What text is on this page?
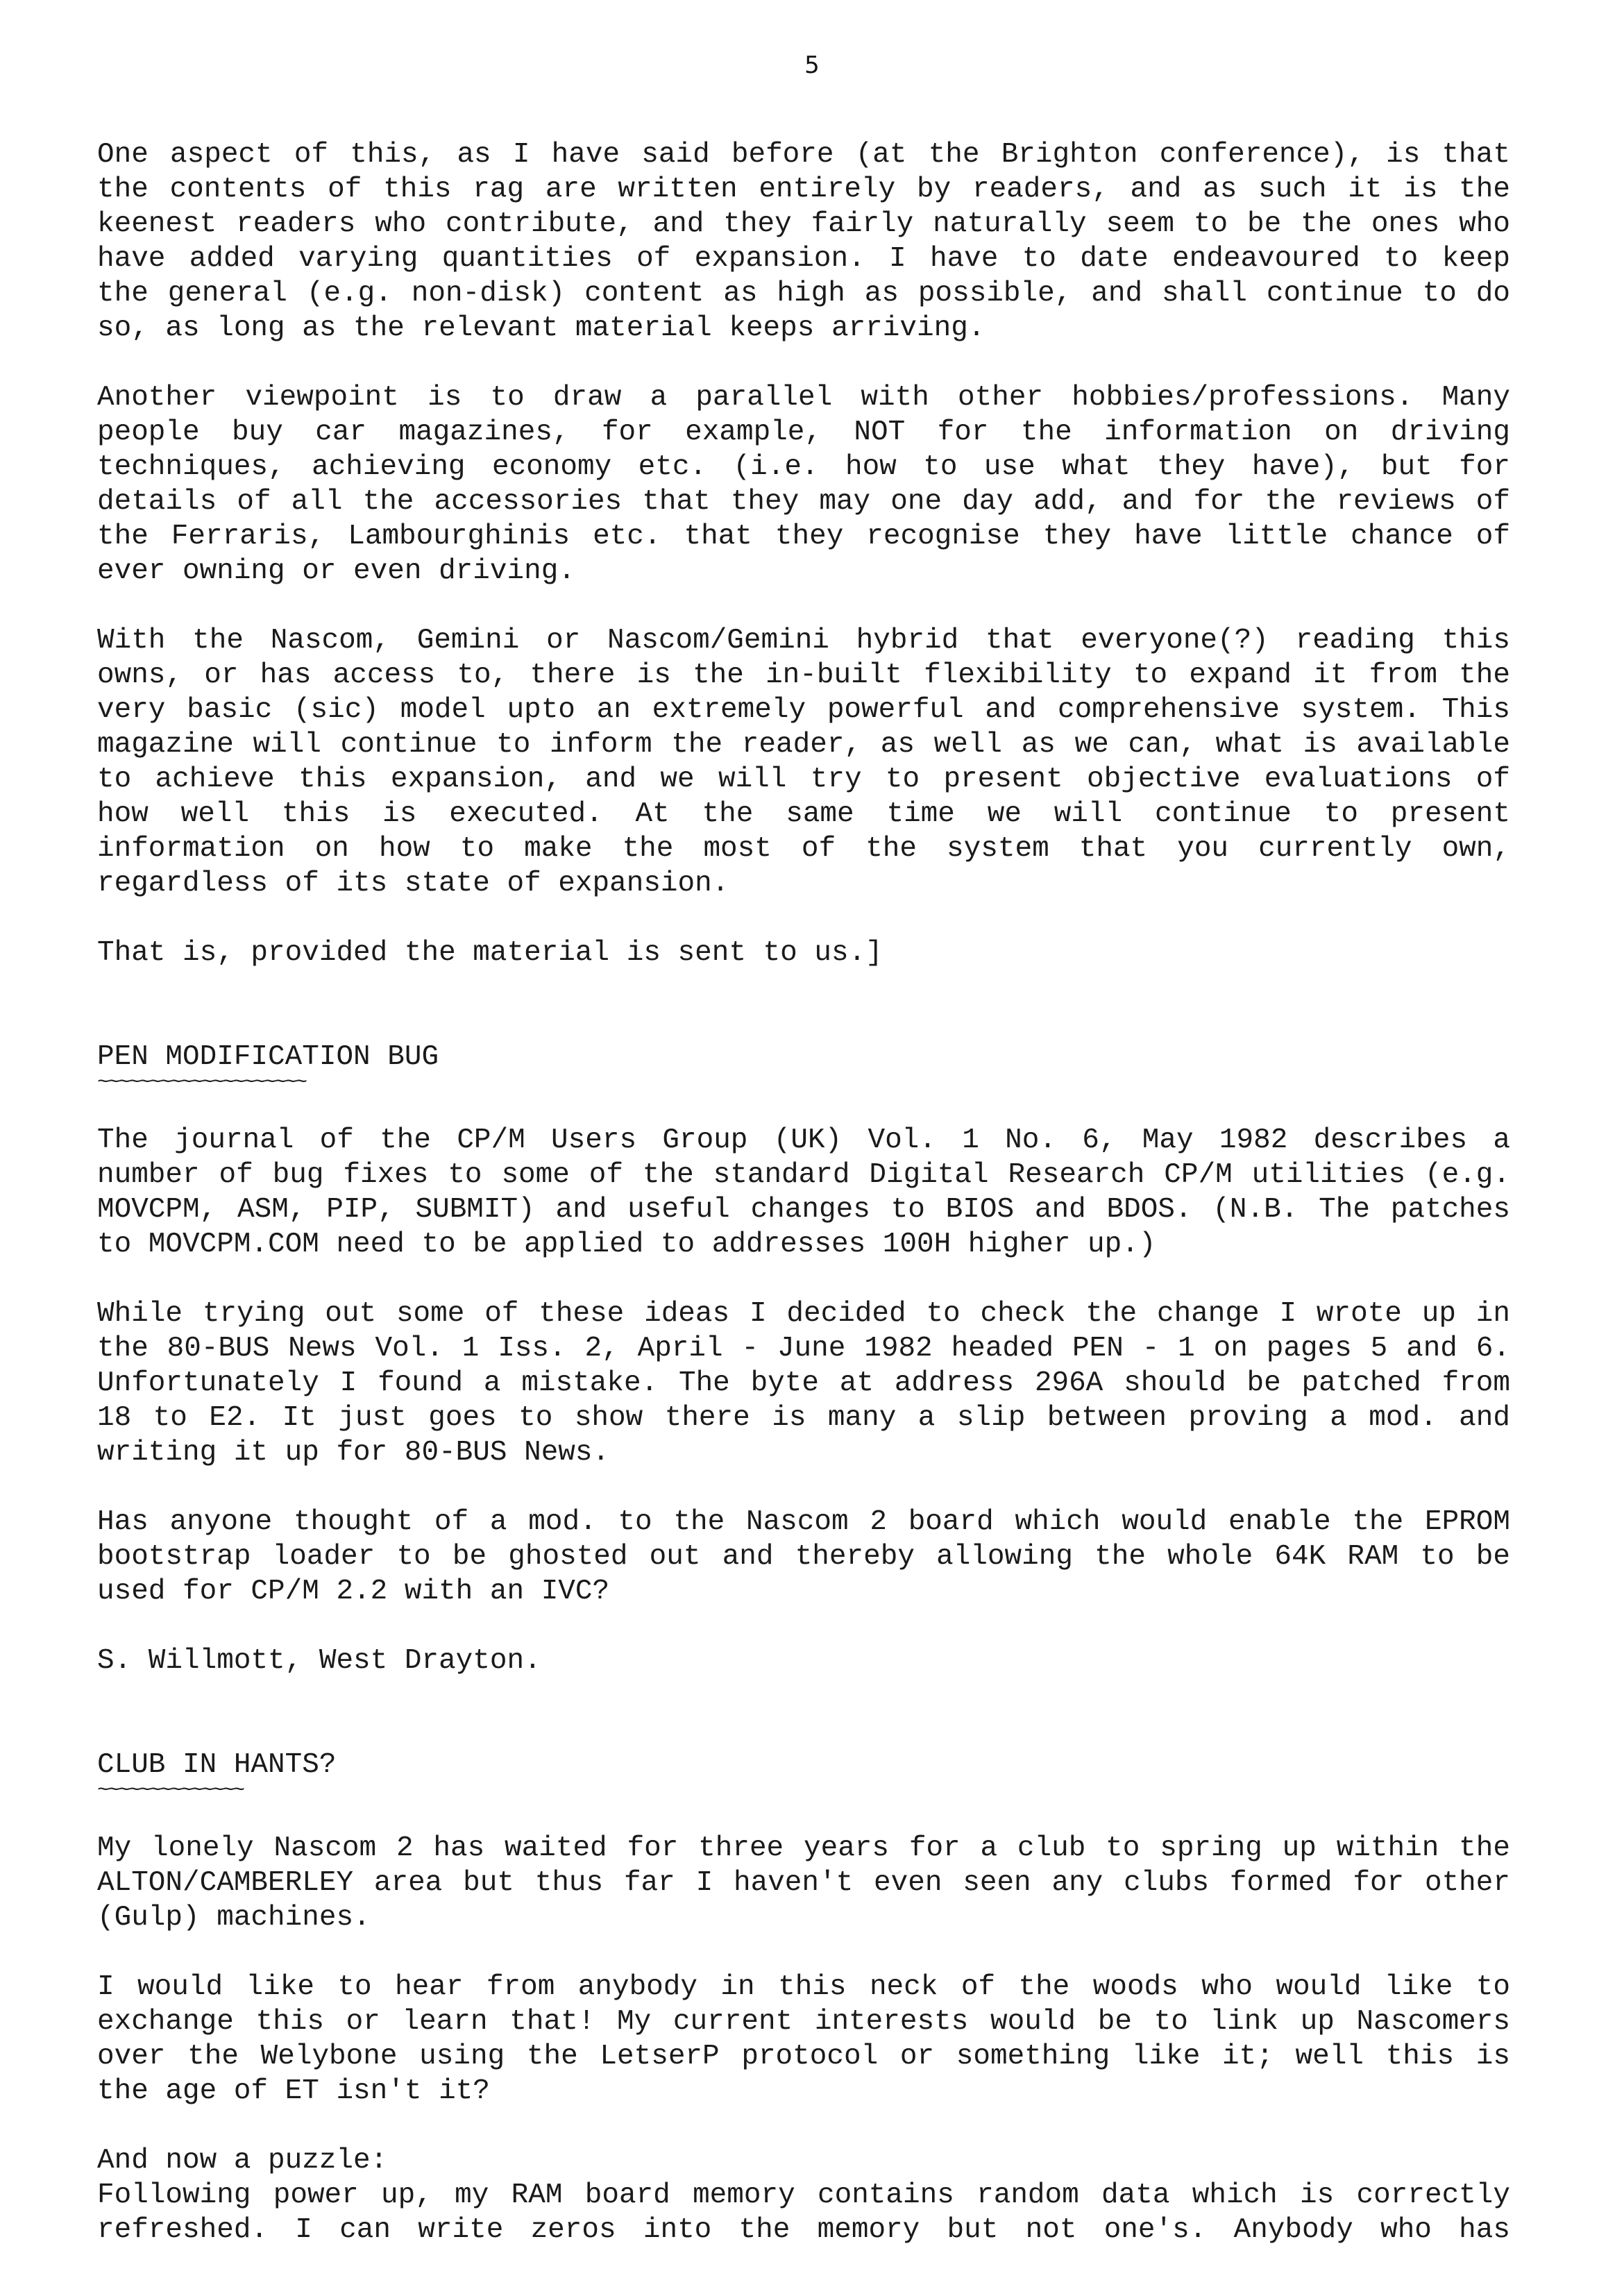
5
One aspect of this, as I have said before (at the Brighton conference), is that
the contents of this rag are written entirely by readers, and as such it is the
keenest readers who contribute, and they fairly naturally seem to be the ones who
have added varying quantities of expansion. I have to date endeavoured to keep
the general (e.g. non-disk) content as high as possible, and shall continue to do
so, as long as the relevant material keeps arriving.
Another viewpoint is to draw a parallel with other hobbies/professions. Many
people buy car magazines, for example, NOT for the information on driving
techniques, achieving economy etc. (i.e. how to use what they have), but for
details of all the accessories that they may one day add, and for the reviews of
the Ferraris, Lambourghinis etc. that they recognise they have little chance of
ever owning or even driving.
With the Nascom, Gemini or Nascom/Gemini hybrid that everyone(?) reading this
owns, or has access to, there is the in-built flexibility to expand it from the
very basic (sic) model upto an extremely powerful and comprehensive system. This
magazine will continue to inform the reader, as well as we can, what is available
to achieve this expansion, and we will try to present objective evaluations of
how well this is executed. At the same time we will continue to present
information on how to make the most of the system that you currently own,
regardless of its state of expansion.
That is, provided the material is sent to us.]
PEN MODIFICATION BUG
~~~~~~~~~~~~~~~~~~~~
The journal of the CP/M Users Group (UK) Vol. 1 No. 6, May 1982 describes a
number of bug fixes to some of the standard Digital Research CP/M utilities (e.g.
MOVCPM, ASM, PIP, SUBMIT) and useful changes to BIOS and BDOS. (N.B. The patches
to MOVCPM.COM need to be applied to addresses 100H higher up.)
While trying out some of these ideas I decided to check the change I wrote up in
the 80-BUS News Vol. 1 Iss. 2, April - June 1982 headed PEN - 1 on pages 5 and 6.
Unfortunately I found a mistake. The byte at address 296A should be patched from
18 to E2. It just goes to show there is many a slip between proving a mod. and
writing it up for 80-BUS News.
Has anyone thought of a mod. to the Nascom 2 board which would enable the EPROM
bootstrap loader to be ghosted out and thereby allowing the whole 64K RAM to be
used for CP/M 2.2 with an IVC?
S. Willmott, West Drayton.
CLUB IN HANTS?
~~~~~~~~~~~~~~
My lonely Nascom 2 has waited for three years for a club to spring up within the
ALTON/CAMBERLEY area but thus far I haven't even seen any clubs formed for other
(Gulp) machines.
I would like to hear from anybody in this neck of the woods who would like to
exchange this or learn that! My current interests would be to link up Nascomers
over the Welybone using the LetserP protocol or something like it; well this is
the age of ET isn't it?
And now a puzzle:
Following power up, my RAM board memory contains random data which is correctly
refreshed. I can write zeros into the memory but not one's. Anybody who has
